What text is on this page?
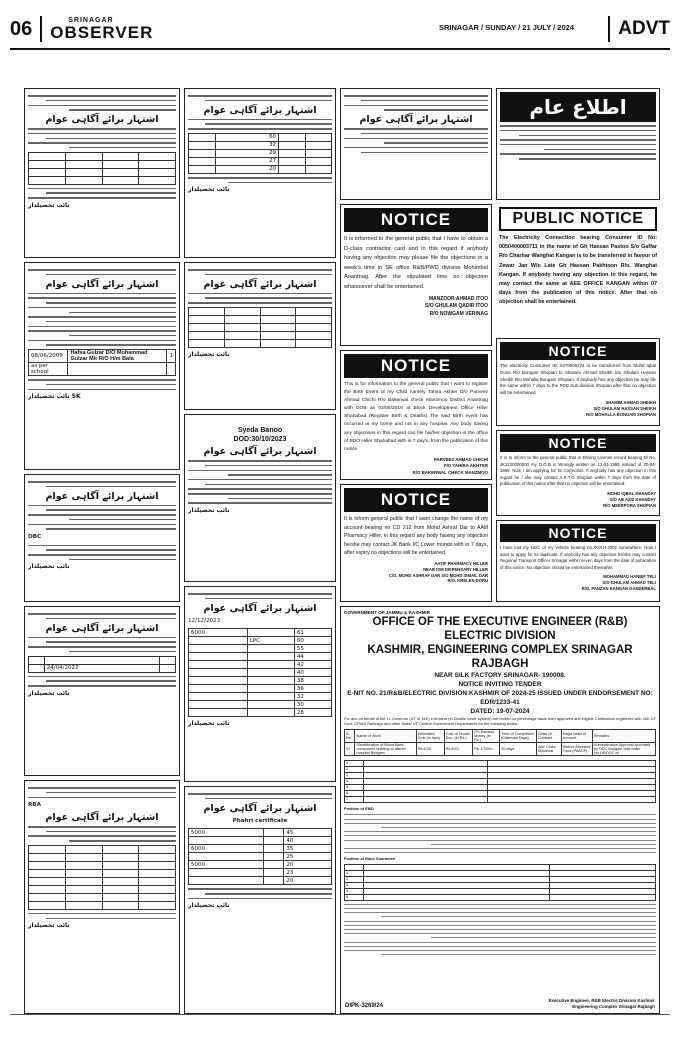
06	SRINAGAR
OBSERVER	SRINAGAR / SUNDAY / 21 JULY / 2024	ADVT
اشتہار برائے آگاہی عوام

نائب تحصیلدار
اشتہار برائے آگاہی عوام
08/06/2009	Hafsa Gulzar D/O Mohammad Gulzar Mir R/O H/m Bala	1
as per school		
SK نائب تحصیلدار
اشتہار برائے آگاہی عوام
OBC
نائب تحصیلدار
اشتہار برائے آگاہی عوام

	24/04/2022	
نائب تحصیلدار
RBA
اشتہار برائے آگاہی عوام

نائب تحصیلدار
اشتہار برائے آگاہی عوام
		60	
		32	
		29	
		27	
		20	
نائب تحصیلدار
اشتہار برائے آگاہی عوام

نائب تحصیلدار
Syeda Banoo
DOD:30/10/2023
اشتہار برائے آگاہی عوام
نائب تحصیلدار
اشتہار برائے آگاہی عوام
12/12/2023
6000		61
	LPC	60
		55
		44
		42
		40
		38
		36
		32
		30
		28
نائب تحصیلدار
اشتہار برائے آگاہی عوام
Phahri certificate
5000		45
		40
6000		35
		25
5000		20
		23
		20
نائب تحصیلدار
اشتہار برائے آگاہی عوام
اطلاع عام
NOTICE
It is informed to the general public that I have to obtain a D-class contractor card and in this regard if anybody having any objection may please file the objections in a week's time in SE office R&B/PWD division Mohimbal Anantnag. After the stipulated time no objection whatsoever shall be entertained.
MANZOOR AHMAD ITOO
S/O GHULAM QADIR ITOO
R/O NOWGAM VERINAG
PUBLIC NOTICE
The Electricity Connection bearing Consumer ID No: 0050400003711 in the name of Gh Hassan Pastoo S/o Gaffar R/o Charhar Wanghat Kangan is to be transferred in favour of Zewar Jan W/o Late Gh Hassan Pakhtoon R/o. Wanghat Kangan. If anybody having any objection in this regard, he may contact the same at AEE OFFICE KANGAN within 07 days from the publication of this notice. After that no objection shall be entertained.
NOTICE
This is for information to the general public that I want to register the Birth Event of my Child namely Tahira Akhter D/o Parveez Ahmad Chichi R/o Bakerwal check Manzmoo District Anantnag with DOB as 02/06/2016 at Block Development Office Hiller Shahabad (Register Birth & Deaths) The said Birth event has occurred at my home and not in any hospital. Any body having any objections in this regard can file his/her objection in the office of BDO Hiller Shahabad with in 7 day's, from the publication of this notice.
PARVEEZ AHMAD CHICHI
F/O TAHIRA AKHTER
R/O BAKERWAL CHECK MANZMOO
NOTICE
The electricity Consumer ID: 0270000274 to be transferred from Mohd Iqbal Gone R/o Bongam Shopian to Shamim Ahmad Sheikh S/o Ghulam Hassan Sheikh R/o Mohalla Bongam Shopian. If anybody has any objection he may file the same within 7 days to the PDD Sub division Shopian after that no objection will be entertained.
SHAMIM AHMAD SHEIKH
S/O GHULAM HASSAN SHEIKH
R/O MOHALLA BONGAM SHOPIAN
NOTICE
It is to inform to the general public that in Driving License record bearing Dl No. JK2220000000 my D.O.B is Wrongly written as 12-04-1969 instead of 20-04-1969. Now I am applying for its Correction. If anybody has any objection in this regard he / she may contact A.R.T.O Shopian within 7 days from the date of publication of this notice after that no objection will be entertained.
MOHD IQBAL KHANDAY
S/O AB AZIZ KHANDAY
R/O MEERPORA SHOPIAN
NOTICE
It is inform general public that I want change the name of my account bearing no CD 212 from Mohd Ashraf Dar to AAtif Pharmacy Hiller, in this regard any body having any objection he/she may contact JK Bank I/C Lower mundo with in 7 days, after expiry no objections will be entertained.
AATIF PHARMACY HILLER
NEAR ISM DISPENSARY HILLER
C/O. MOHD ASHRAF DAR S/O MOHD ISMAIL DAR
R/O. KRELEN DORU
NOTICE
I have lost my NOC of my vehicle bearing no.JK01H-2002 somewhere. Now I want to apply for its duplicate. If anybody has any objection he/she may contact Regional Transport Officer Srinagar within seven days from the date of publication of this notice. No objection should be entertained thereafter.
MOHAMMAD HANIEF TELI
S/O GHULAM AHMAD TELI
R/O. PANZAN KANGAN GANDERBAL
GOVERNMENT OF JAMMU & KASHMIR
OFFICE OF THE EXECUTIVE ENGINEER (R&B) ELECTRIC DIVISION
KASHMIR, ENGINEERING COMPLEX SRINAGAR RAJBAGH
NEAR SILK FACTORY SRINAGAR- 190008.
NOTICE INVITING TENDER
E-NIT NO. 21/R&B/ELECTRIC DIVISION KASHMIR OF 2024-25 ISSUED UNDER ENDORSEMENT NO: EDR/1233-41
DATED: 19-07-2024
For and on behalf of the Lt. Governor (UT of J&K) e-tenders (in Double cover system) are invited on percentage basis from approved and eligible Contractors registered with J&K UT Govt. CPWD Railways and other State/ UT Central Government Departments for the following works:-
S. No.	Name of Work	Estimated Cost (in lacs)	Cost of Tender Doc. (in Rs.)	2% Earnest Money (in Rs.)	Time of Completion (Calendar Days)	Class of Contract	Major head of Account	Remarks
01	Electrification of Blood Bank component building at district hospital Budgam	Rs.8.00	Rs.600/-	Rs. 17000/-	20 days	AAY Class Electrical	District Adverted Fund (PAADF)	Administrative Approval accorded by DDC Budgam vide order No.DB/DDC of
1		
2		
3		
4		
5		
6		
7		
Position of EMD
Position of Bank Guarantee

1		
2		
3		
4		
5		
DIPK-3269/24
Executive Engineer, R&B Electric Division Kashmir
Engineering Complex Srinagar Rajbagh
